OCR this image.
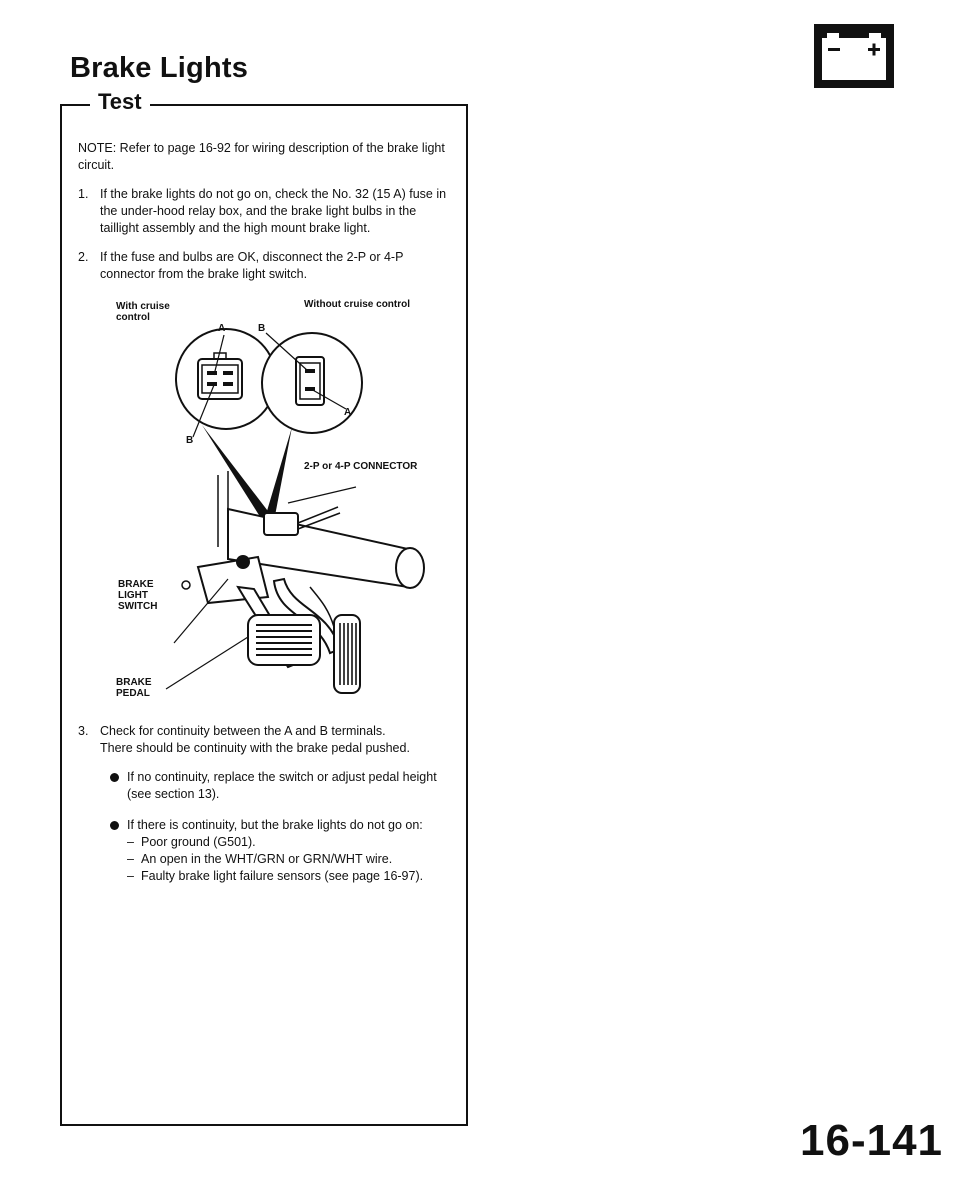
Brake Lights
Test

NOTE: Refer to page 16-92 for wiring description of the brake light circuit.

1. If the brake lights do not go on, check the No. 32 (15 A) fuse in the under-hood relay box, and the brake light bulbs in the taillight assembly and the high mount brake light.
2. If the fuse and bulbs are OK, disconnect the 2-P or 4-P connector from the brake light switch.
With cruise control
Without cruise control
A
B
B
A
2-P or 4-P CONNECTOR
BRAKE LIGHT SWITCH
BRAKE PEDAL
3. Check for continuity between the A and B terminals.

There should be continuity with the brake pedal pushed.

If no continuity, replace the switch or adjust pedal height (see section 13).
If there is continuity, but the brake lights do not go on:
– Poor ground (G501).
– An open in the WHT/GRN or GRN/WHT wire.
– Faulty brake light failure sensors (see page 16-97).
16-141
